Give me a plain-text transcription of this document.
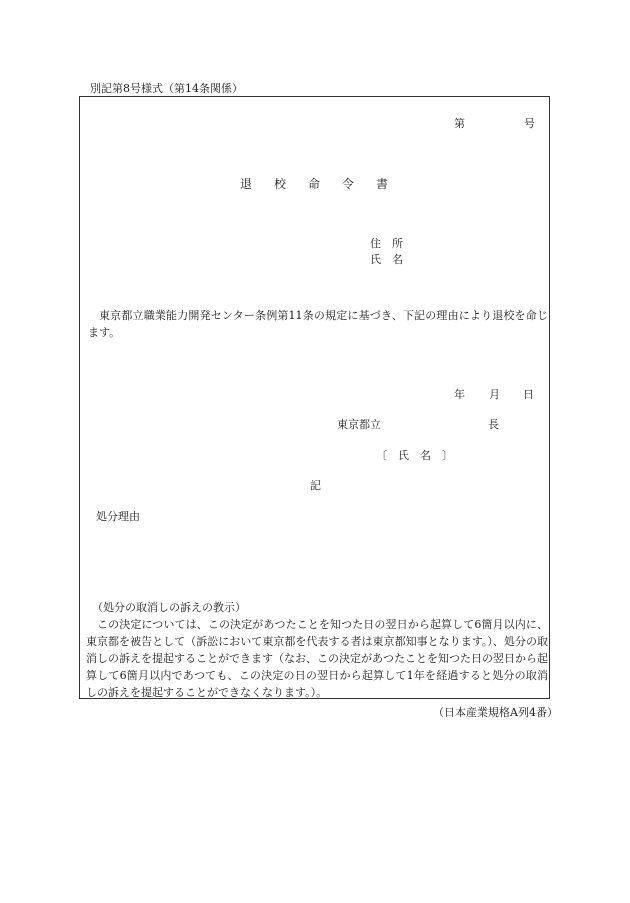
別記第8号様式（第14条関係）
第	号
退校命令書
住　所
氏　名
東京都立職業能力開発センター条例第11条の規定に基づき、下記の理由により退校を命じます。
年 月 日
東京都立	長
〔　氏　名　〕
記
処分理由
（処分の取消しの訴えの教示）
この決定については、この決定があつたことを知つた日の翌日から起算して6箇月以内に、東京都を被告として（訴訟において東京都を代表する者は東京都知事となります。）、処分の取消しの訴えを提起することができます（なお、この決定があつたことを知つた日の翌日から起算して6箇月以内であつても、この決定の日の翌日から起算して1年を経過すると処分の取消しの訴えを提起することができなくなります。）。
（日本産業規格A列4番）
